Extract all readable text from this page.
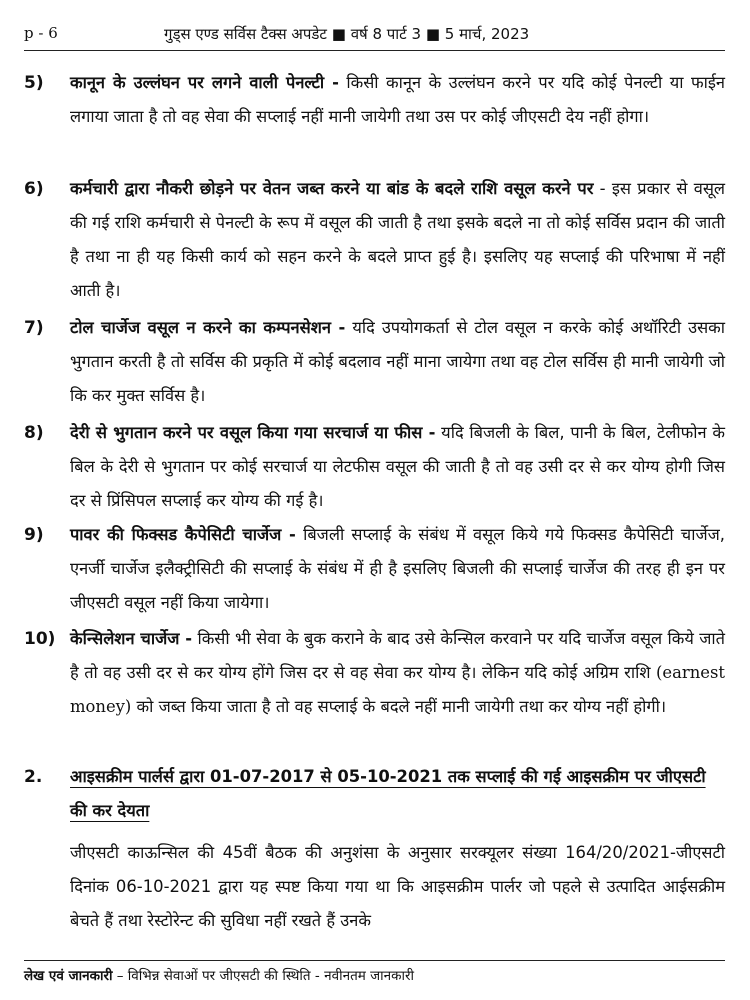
p - 6	गुड्स एण्ड सर्विस टैक्स अपडेट ■ वर्ष 8 पार्ट 3 ■ 5 मार्च, 2023
5) कानून के उल्लंघन पर लगने वाली पेनल्टी - किसी कानून के उल्लंघन करने पर यदि कोई पेनल्टी या फाईन लगाया जाता है तो वह सेवा की सप्लाई नहीं मानी जायेगी तथा उस पर कोई जीएसटी देय नहीं होगा।
6) कर्मचारी द्वारा नौकरी छोड़ने पर वेतन जब्त करने या बांड के बदले राशि वसूल करने पर - इस प्रकार से वसूल की गई राशि कर्मचारी से पेनल्टी के रूप में वसूल की जाती है तथा इसके बदले ना तो कोई सर्विस प्रदान की जाती है तथा ना ही यह किसी कार्य को सहन करने के बदले प्राप्त हुई है। इसलिए यह सप्लाई की परिभाषा में नहीं आती है।
7) टोल चार्जेज वसूल न करने का कम्पनसेशन - यदि उपयोगकर्ता से टोल वसूल न करके कोई अथॉरिटी उसका भुगतान करती है तो सर्विस की प्रकृति में कोई बदलाव नहीं माना जायेगा तथा वह टोल सर्विस ही मानी जायेगी जो कि कर मुक्त सर्विस है।
8) देरी से भुगतान करने पर वसूल किया गया सरचार्ज या फीस - यदि बिजली के बिल, पानी के बिल, टेलीफोन के बिल के देरी से भुगतान पर कोई सरचार्ज या लेटफीस वसूल की जाती है तो वह उसी दर से कर योग्य होगी जिस दर से प्रिंसिपल सप्लाई कर योग्य की गई है।
9) पावर की फिक्सड कैपेसिटी चार्जेज - बिजली सप्लाई के संबंध में वसूल किये गये फिक्सड कैपेसिटी चार्जेज, एनर्जी चार्जेज इलैक्ट्रीसिटी की सप्लाई के संबंध में ही है इसलिए बिजली की सप्लाई चार्जेज की तरह ही इन पर जीएसटी वसूल नहीं किया जायेगा।
10) केन्सिलेशन चार्जेज - किसी भी सेवा के बुक कराने के बाद उसे केन्सिल करवाने पर यदि चार्जेज वसूल किये जाते है तो वह उसी दर से कर योग्य होंगे जिस दर से वह सेवा कर योग्य है। लेकिन यदि कोई अग्रिम राशि (earnest money) को जब्त किया जाता है तो वह सप्लाई के बदले नहीं मानी जायेगी तथा कर योग्य नहीं होगी।
2. आइसक्रीम पार्लर्स द्वारा 01-07-2017 से 05-10-2021 तक सप्लाई की गई आइसक्रीम पर जीएसटी की कर देयता
जीएसटी काऊन्सिल की 45वीं बैठक की अनुशंसा के अनुसार सरक्यूलर संख्या 164/20/2021-जीएसटी दिनांक 06-10-2021 द्वारा यह स्पष्ट किया गया था कि आइसक्रीम पार्लर जो पहले से उत्पादित आईसक्रीम बेचते हैं तथा रेस्टोरेन्ट की सुविधा नहीं रखते हैं उनके
लेख एवं जानकारी – विभिन्न सेवाओं पर जीएसटी की स्थिति - नवीनतम जानकारी
